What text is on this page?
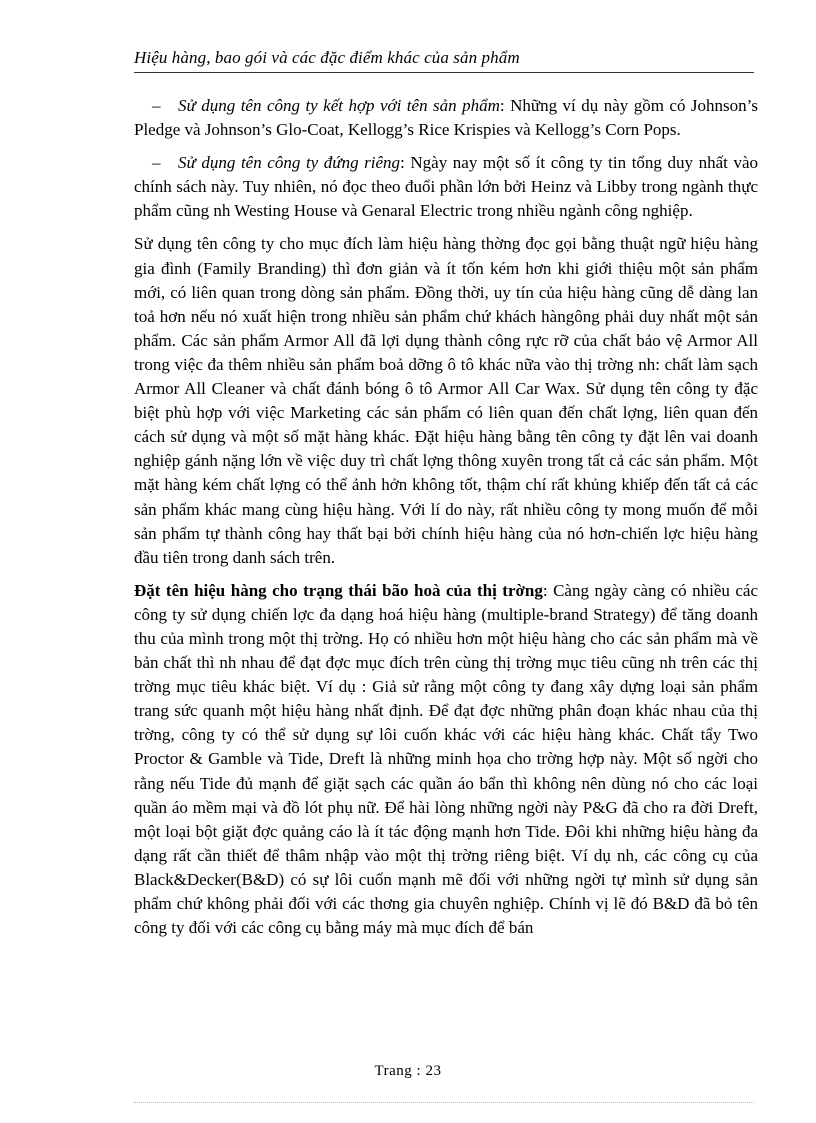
Hiệu hàng, bao gói và các đặc điểm khác của sản phẩm

– Sử dụng tên công ty kết hợp với tên sản phẩm: Những ví dụ này gồm có Johnson’s Pledge và Johnson’s Glo-Coat, Kellogg’s Rice Krispies và Kellogg’s Corn Pops.

– Sử dụng tên công ty đứng riêng: Ngày nay một số ít công ty tin tổng duy nhất vào chính sách này. Tuy nhiên, nó đọc theo đuổi phần lớn bởi Heinz và Libby trong ngành thực phẩm cũng nh Westing House và Genaral Electric trong nhiều ngành công nghiệp.

Sử dụng tên công ty cho mục đích làm hiệu hàng thờng đọc gọi bằng thuật ngữ hiệu hàng gia đình (Family Branding) thì đơn giản và ít tốn kém hơn khi giới thiệu một sản phẩm mới, có liên quan trong dòng sản phẩm. Đồng thời, uy tín của hiệu hàng cũng dễ dàng lan toả hơn nếu nó xuất hiện trong nhiều sản phẩm chứ khách hàngông phải duy nhất một sản phẩm. Các sản phẩm Armor All đã lợi dụng thành công rực rỡ của chất bảo vệ Armor All trong việc đa thêm nhiều sản phẩm boả dỡng ô tô khác nữa vào thị trờng nh: chất làm sạch Armor All Cleaner và chất đánh bóng ô tô Armor All Car Wax. Sử dụng tên công ty đặc biệt phù hợp với việc Marketing các sản phẩm có liên quan đến chất lợng, liên quan đến cách sử dụng và một số mặt hàng khác. Đặt hiệu hàng bằng tên công ty đặt lên vai doanh nghiệp gánh nặng lớn về việc duy trì chất lợng thông xuyên trong tất cả các sản phẩm. Một mặt hàng kém chất lợng có thể ảnh hởn không tốt, thậm chí rất khủng khiếp đến tất cả các sản phẩm khác mang cùng hiệu hàng. Với lí do này, rất nhiều công ty mong muốn để mỗi sản phẩm tự thành công hay thất bại bởi chính hiệu hàng của nó hơn-chiến lợc hiệu hàng đầu tiên trong danh sách trên.

Đặt tên hiệu hàng cho trạng thái bão hoà của thị trờng: Càng ngày càng có nhiều các công ty sử dụng chiến lợc đa dạng hoá hiệu hàng (multiple-brand Strategy) để tăng doanh thu của mình trong một thị trờng. Họ có nhiều hơn một hiệu hàng cho các sản phẩm mà về bản chất thì nh nhau để đạt đợc mục đích trên cùng thị trờng mục tiêu cũng nh trên các thị trờng mục tiêu khác biệt. Ví dụ : Giả sử rằng một công ty đang xây dựng loại sản phẩm trang sức quanh một hiệu hàng nhất định. Để đạt đợc những phân đoạn khác nhau của thị trờng, công ty có thể sử dụng sự lôi cuốn khác với các hiệu hàng khác. Chất tẩy Two Proctor & Gamble và Tide, Dreft là những minh họa cho trờng hợp này. Một số ngời cho rằng nếu Tide đủ mạnh để giặt sạch các quần áo bẩn thì không nên dùng nó cho các loại quần áo mềm mại và đồ lót phụ nữ. Để hài lòng những ngời này P&G đã cho ra đời Dreft, một loại bột giặt đợc quảng cáo là ít tác động mạnh hơn Tide. Đôi khi những hiệu hàng đa dạng rất cần thiết để thâm nhập vào một thị trờng riêng biệt. Ví dụ nh, các công cụ của Black&Decker(B&D) có sự lôi cuốn mạnh mẽ đối với những ngời tự mình sử dụng sản phẩm chứ không phải đối với các thơng gia chuyên nghiệp. Chính vị lẽ đó B&D đã bỏ tên công ty đối với các công cụ bằng máy mà mục đích để bán

Trang : 23
